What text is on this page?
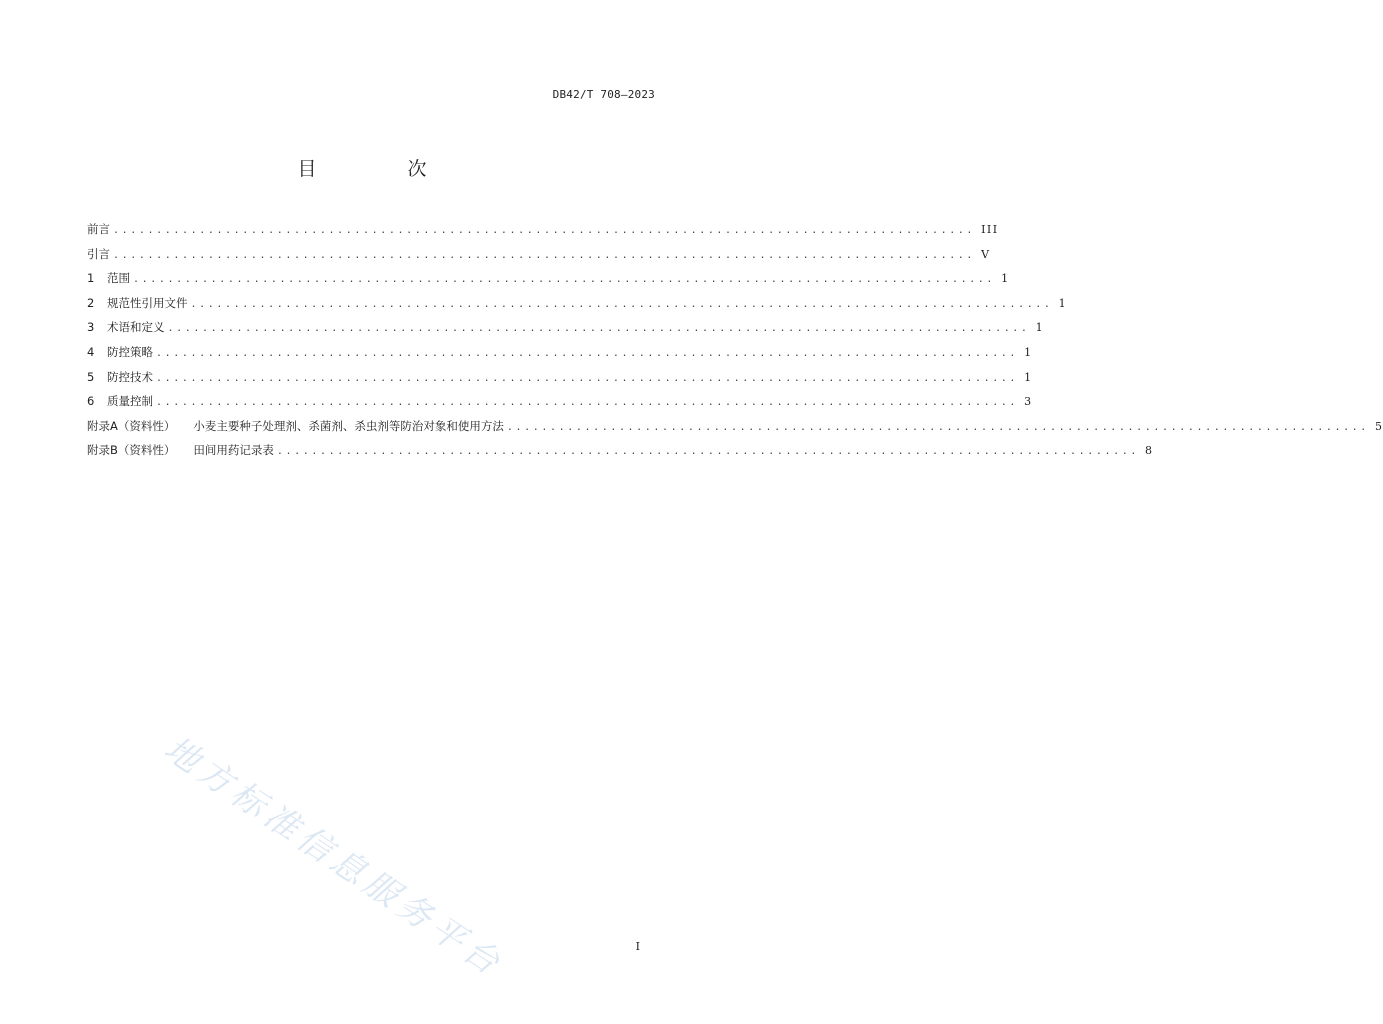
DB42/T 708—2023
目　次
前言 .................................................................................................... III
引言 .................................................................................................... V
1	范围 .................................................................................................... 1
2	规范性引用文件 .................................................................................................... 1
3	术语和定义 .................................................................................................... 1
4	防控策略 .................................................................................................... 1
5	防控技术 .................................................................................................... 1
6	质量控制 .................................................................................................... 3
附录A（资料性） 小麦主要种子处理剂、杀菌剂、杀虫剂等防治对象和使用方法 .................................................................................................... 5
附录B（资料性） 田间用药记录表 .................................................................................................... 8
地方标准信息服务平台	I
